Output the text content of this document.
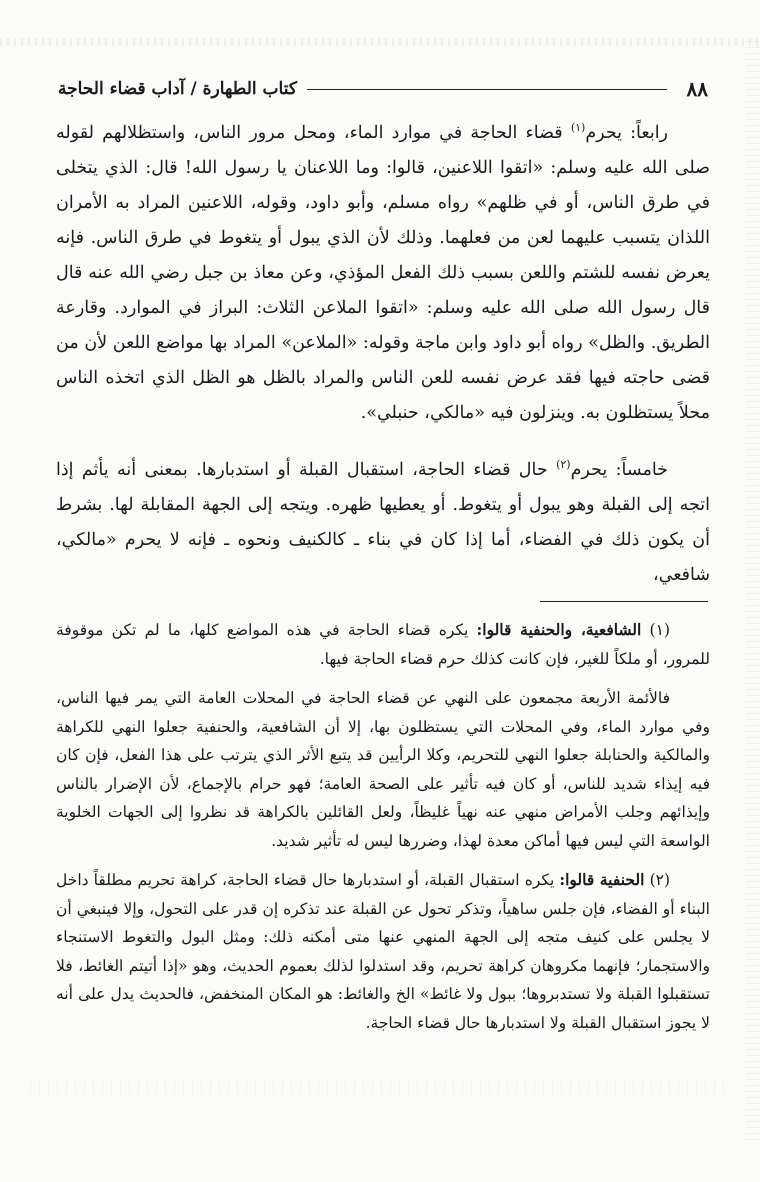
٨٨
كتاب الطهارة / آداب قضاء الحاجة

رابعاً: يحرم$^{(١)}$ قضاء الحاجة في موارد الماء، ومحل مرور الناس، واستظلالهم لقوله صلى الله عليه وسلم: «اتقوا اللاعنين، قالوا: وما اللاعنان يا رسول الله! قال: الذي يتخلى في طرق الناس، أو في ظلهم» رواه مسلم، وأبو داود، وقوله، اللاعنين المراد به الأمران اللذان يتسبب عليهما لعن من فعلهما. وذلك لأن الذي يبول أو يتغوط في طرق الناس. فإنه يعرض نفسه للشتم واللعن بسبب ذلك الفعل المؤذي، وعن معاذ بن جبل رضي الله عنه قال قال رسول الله صلى الله عليه وسلم: «اتقوا الملاعن الثلاث: البراز في الموارد. وقارعة الطريق. والظل» رواه أبو داود وابن ماجة وقوله: «الملاعن» المراد بها مواضع اللعن لأن من قضى حاجته فيها فقد عرض نفسه للعن الناس والمراد بالظل هو الظل الذي اتخذه الناس محلاً يستظلون به. وينزلون فيه «مالكي، حنبلي».

خامساً: يحرم$^{(٢)}$ حال قضاء الحاجة، استقبال القبلة أو استدبارها. بمعنى أنه يأثم إذا اتجه إلى القبلة وهو يبول أو يتغوط. أو يعطيها ظهره. ويتجه إلى الجهة المقابلة لها. بشرط أن يكون ذلك في الفضاء، أما إذا كان في بناء ـ كالكنيف ونحوه ـ فإنه لا يحرم «مالكي، شافعي،

(١) الشافعية، والحنفية قالوا: يكره قضاء الحاجة في هذه المواضع كلها، ما لم تكن موقوفة للمرور، أو ملكاً للغير، فإن كانت كذلك حرم قضاء الحاجة فيها.

فالأئمة الأربعة مجمعون على النهي عن قضاء الحاجة في المحلات العامة التي يمر فيها الناس، وفي موارد الماء، وفي المحلات التي يستظلون بها، إلا أن الشافعية، والحنفية جعلوا النهي للكراهة والمالكية والحنابلة جعلوا النهي للتحريم، وكلا الرأيين قد يتبع الأثر الذي يترتب على هذا الفعل، فإن كان فيه إيذاء شديد للناس، أو كان فيه تأثير على الصحة العامة؛ فهو حرام بالإجماع، لأن الإضرار بالناس وإيذائهم وجلب الأمراض منهي عنه نهياً غليظاً، ولعل القائلين بالكراهة قد نظروا إلى الجهات الخلوية الواسعة التي ليس فيها أماكن معدة لهذا، وضررها ليس له تأثير شديد.

(٢) الحنفية قالوا: يكره استقبال القبلة، أو استدبارها حال قضاء الحاجة، كراهة تحريم مطلقاً داخل البناء أو الفضاء، فإن جلس ساهياً، وتذكر تحول عن القبلة عند تذكره إن قدر على التحول، وإلا فينبغي أن لا يجلس على كنيف متجه إلى الجهة المنهي عنها متى أمكنه ذلك: ومثل البول والتغوط الاستنجاء والاستجمار؛ فإنهما مكروهان كراهة تحريم، وقد استدلوا لذلك بعموم الحديث، وهو «إذا أتيتم الغائط، فلا تستقبلوا القبلة ولا تستدبروها؛ ببول ولا غائط» الخ والغائط: هو المكان المنخفض، فالحديث يدل على أنه لا يجوز استقبال القبلة ولا استدبارها حال قضاء الحاجة.
